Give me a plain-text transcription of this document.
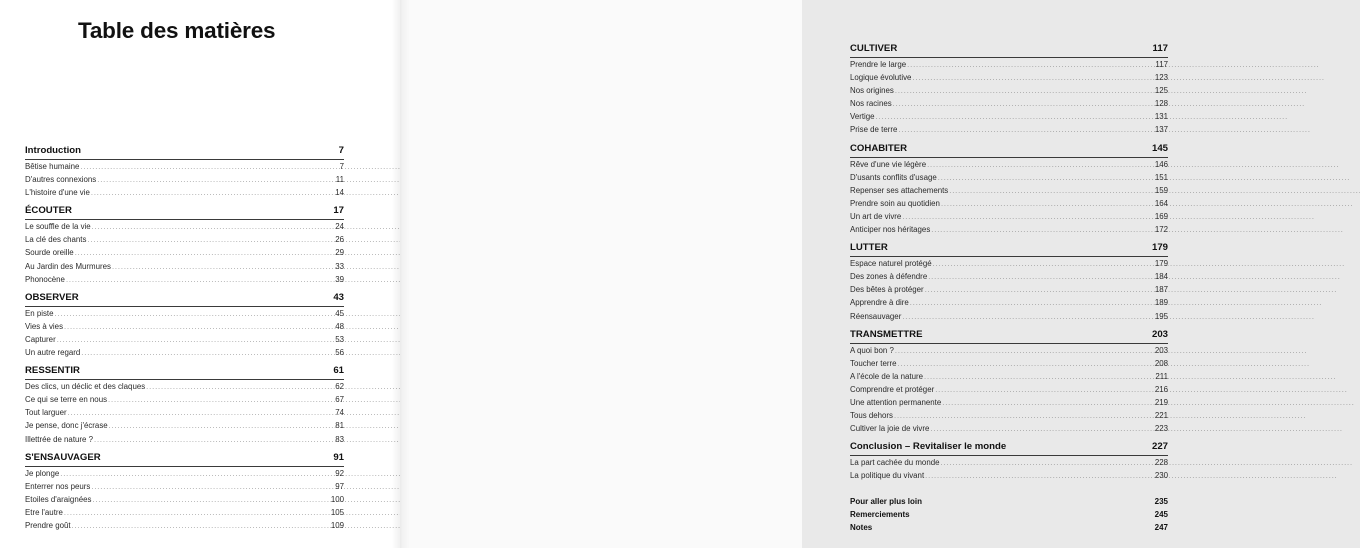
Table des matières
Introduction	7
Bêtise humaine . . .	7
D'autres connexions . . .	11
L'histoire d'une vie . . .	14
ÉCOUTER	17
Le souffle de la vie . . .	24
La clé des chants . . .	26
Sourde oreille . . .	29
Au Jardin des Murmures . . .	33
Phonocène . . .	39
OBSERVER	43
En piste . . .	45
Vies à vies . . .	48
Capturer . . .	53
Un autre regard . . .	56
RESSENTIR	61
Des clics, un déclic et des claques . . .	62
Ce qui se terre en nous . . .	67
Tout larguer . . .	74
Je pense, donc j'écrase . . .	81
Illettrée de nature ? . . .	83
S'ENSAUVAGER	91
Je plonge . . .	92
Enterrer nos peurs . . .	97
Etoiles d'araignées . . .	100
Etre l'autre . . .	105
Prendre goût . . .	109
CULTIVER	117
Prendre le large . . .	117
Logique évolutive . . .	123
Nos origines . . .	125
Nos racines . . .	128
Vertige . . .	131
Prise de terre . . .	137
COHABITER	145
Rêve d'une vie légère . . .	146
D'usants conflits d'usage . . .	151
Repenser ses attachements . . .	159
Prendre soin au quotidien . . .	164
Un art de vivre . . .	169
Anticiper nos héritages . . .	172
LUTTER	179
Espace naturel protégé . . .	179
Des zones à défendre . . .	184
Des bêtes à protéger . . .	187
Apprendre à dire . . .	189
Réensauvager . . .	195
TRANSMETTRE	203
A quoi bon ? . . .	203
Toucher terre . . .	208
A l'école de la nature . . .	211
Comprendre et protéger . . .	216
Une attention permanente . . .	219
Tous dehors . . .	221
Cultiver la joie de vivre . . .	223
Conclusion – Revitaliser le monde	227
La part cachée du monde . . .	228
La politique du vivant . . .	230
Pour aller plus loin	235
Remerciements	245
Notes	247
